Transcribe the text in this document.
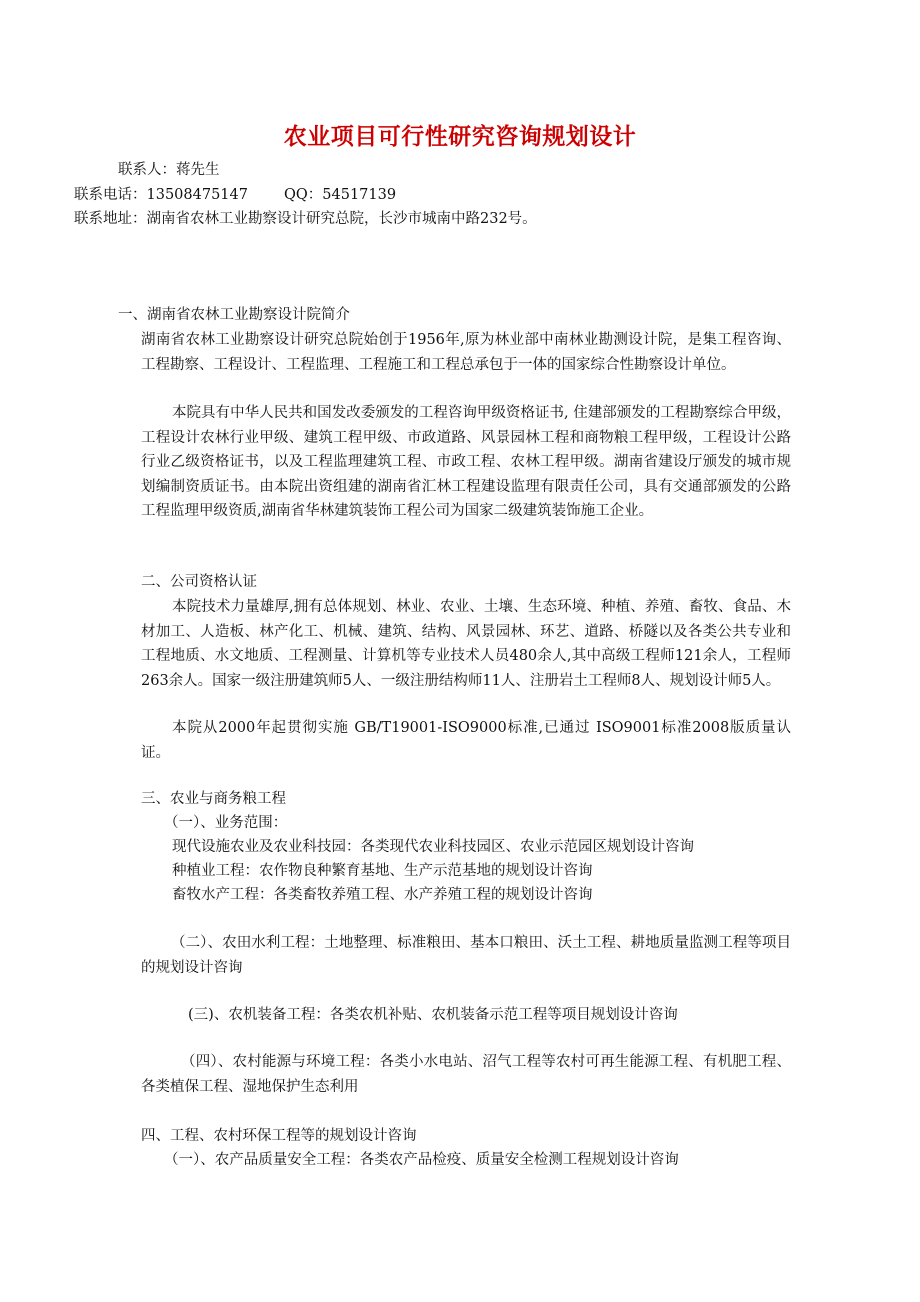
农业项目可行性研究咨询规划设计
联系人：蒋先生
联系电话：13508475147 QQ：54517139
联系地址：湖南省农林工业勘察设计研究总院，长沙市城南中路232号。
一、湖南省农林工业勘察设计院简介
湖南省农林工业勘察设计研究总院始创于1956年,原为林业部中南林业勘测设计院，是集工程咨询、工程勘察、工程设计、工程监理、工程施工和工程总承包于一体的国家综合性勘察设计单位。
本院具有中华人民共和国发改委颁发的工程咨询甲级资格证书, 住建部颁发的工程勘察综合甲级，工程设计农林行业甲级、建筑工程甲级、市政道路、风景园林工程和商物粮工程甲级，工程设计公路行业乙级资格证书，以及工程监理建筑工程、市政工程、农林工程甲级。湖南省建设厅颁发的城市规划编制资质证书。由本院出资组建的湖南省汇林工程建设监理有限责任公司，具有交通部颁发的公路工程监理甲级资质,湖南省华林建筑装饰工程公司为国家二级建筑装饰施工企业。
二、公司资格认证
本院技术力量雄厚,拥有总体规划、林业、农业、土壤、生态环境、种植、养殖、畜牧、食品、木材加工、人造板、林产化工、机械、建筑、结构、风景园林、环艺、道路、桥隧以及各类公共专业和工程地质、水文地质、工程测量、计算机等专业技术人员480余人,其中高级工程师121余人，工程师263余人。国家一级注册建筑师5人、一级注册结构师11人、注册岩土工程师8人、规划设计师5人。
本院从2000年起贯彻实施 GB/T19001-ISO9000标准,已通过 ISO9001标准2008版质量认证。
三、农业与商务粮工程
（一）、业务范围：
现代设施农业及农业科技园：各类现代农业科技园区、农业示范园区规划设计咨询
种植业工程：农作物良种繁育基地、生产示范基地的规划设计咨询
畜牧水产工程：各类畜牧养殖工程、水产养殖工程的规划设计咨询
（二）、农田水利工程：土地整理、标准粮田、基本口粮田、沃土工程、耕地质量监测工程等项目的规划设计咨询
(三)、农机装备工程：各类农机补贴、农机装备示范工程等项目规划设计咨询
（四）、农村能源与环境工程：各类小水电站、沼气工程等农村可再生能源工程、有机肥工程、各类植保工程、湿地保护生态利用
四、工程、农村环保工程等的规划设计咨询
（一）、农产品质量安全工程：各类农产品检疫、质量安全检测工程规划设计咨询
